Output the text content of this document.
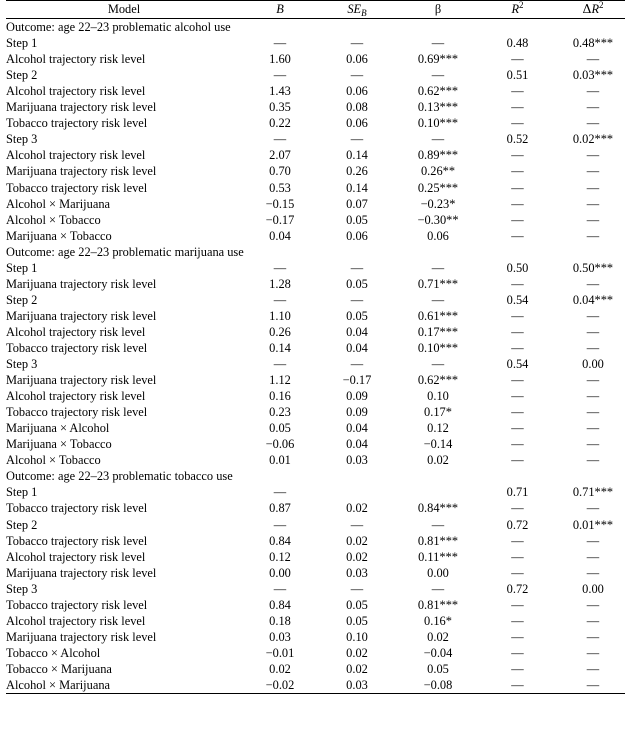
Model	B	$SE_B$	β	$R^2$	$\Delta R^2$
Outcome: age 22–23 problematic alcohol use					
Step 1	—	—	—	0.48	0.48***
Alcohol trajectory risk level	1.60	0.06	0.69***	—	—
Step 2	—	—	—	0.51	0.03***
Alcohol trajectory risk level	1.43	0.06	0.62***	—	—
Marijuana trajectory risk level	0.35	0.08	0.13***	—	—
Tobacco trajectory risk level	0.22	0.06	0.10***	—	—
Step 3	—	—	—	0.52	0.02***
Alcohol trajectory risk level	2.07	0.14	0.89***	—	—
Marijuana trajectory risk level	0.70	0.26	0.26**	—	—
Tobacco trajectory risk level	0.53	0.14	0.25***	—	—
Alcohol × Marijuana	−0.15	0.07	−0.23*	—	—
Alcohol × Tobacco	−0.17	0.05	−0.30**	—	—
Marijuana × Tobacco	0.04	0.06	0.06	—	—
Outcome: age 22–23 problematic marijuana use					
Step 1	—	—	—	0.50	0.50***
Marijuana trajectory risk level	1.28	0.05	0.71***	—	—
Step 2	—	—	—	0.54	0.04***
Marijuana trajectory risk level	1.10	0.05	0.61***	—	—
Alcohol trajectory risk level	0.26	0.04	0.17***	—	—
Tobacco trajectory risk level	0.14	0.04	0.10***	—	—
Step 3	—	—	—	0.54	0.00
Marijuana trajectory risk level	1.12	−0.17	0.62***	—	—
Alcohol trajectory risk level	0.16	0.09	0.10	—	—
Tobacco trajectory risk level	0.23	0.09	0.17*	—	—
Marijuana × Alcohol	0.05	0.04	0.12	—	—
Marijuana × Tobacco	−0.06	0.04	−0.14	—	—
Alcohol × Tobacco	0.01	0.03	0.02	—	—
Outcome: age 22–23 problematic tobacco use					
Step 1	—			0.71	0.71***
Tobacco trajectory risk level	0.87	0.02	0.84***	—	—
Step 2	—	—	—	0.72	0.01***
Tobacco trajectory risk level	0.84	0.02	0.81***	—	—
Alcohol trajectory risk level	0.12	0.02	0.11***	—	—
Marijuana trajectory risk level	0.00	0.03	0.00	—	—
Step 3	—	—	—	0.72	0.00
Tobacco trajectory risk level	0.84	0.05	0.81***	—	—
Alcohol trajectory risk level	0.18	0.05	0.16*	—	—
Marijuana trajectory risk level	0.03	0.10	0.02	—	—
Tobacco × Alcohol	−0.01	0.02	−0.04	—	—
Tobacco × Marijuana	0.02	0.02	0.05	—	—
Alcohol × Marijuana	−0.02	0.03	−0.08	—	—
